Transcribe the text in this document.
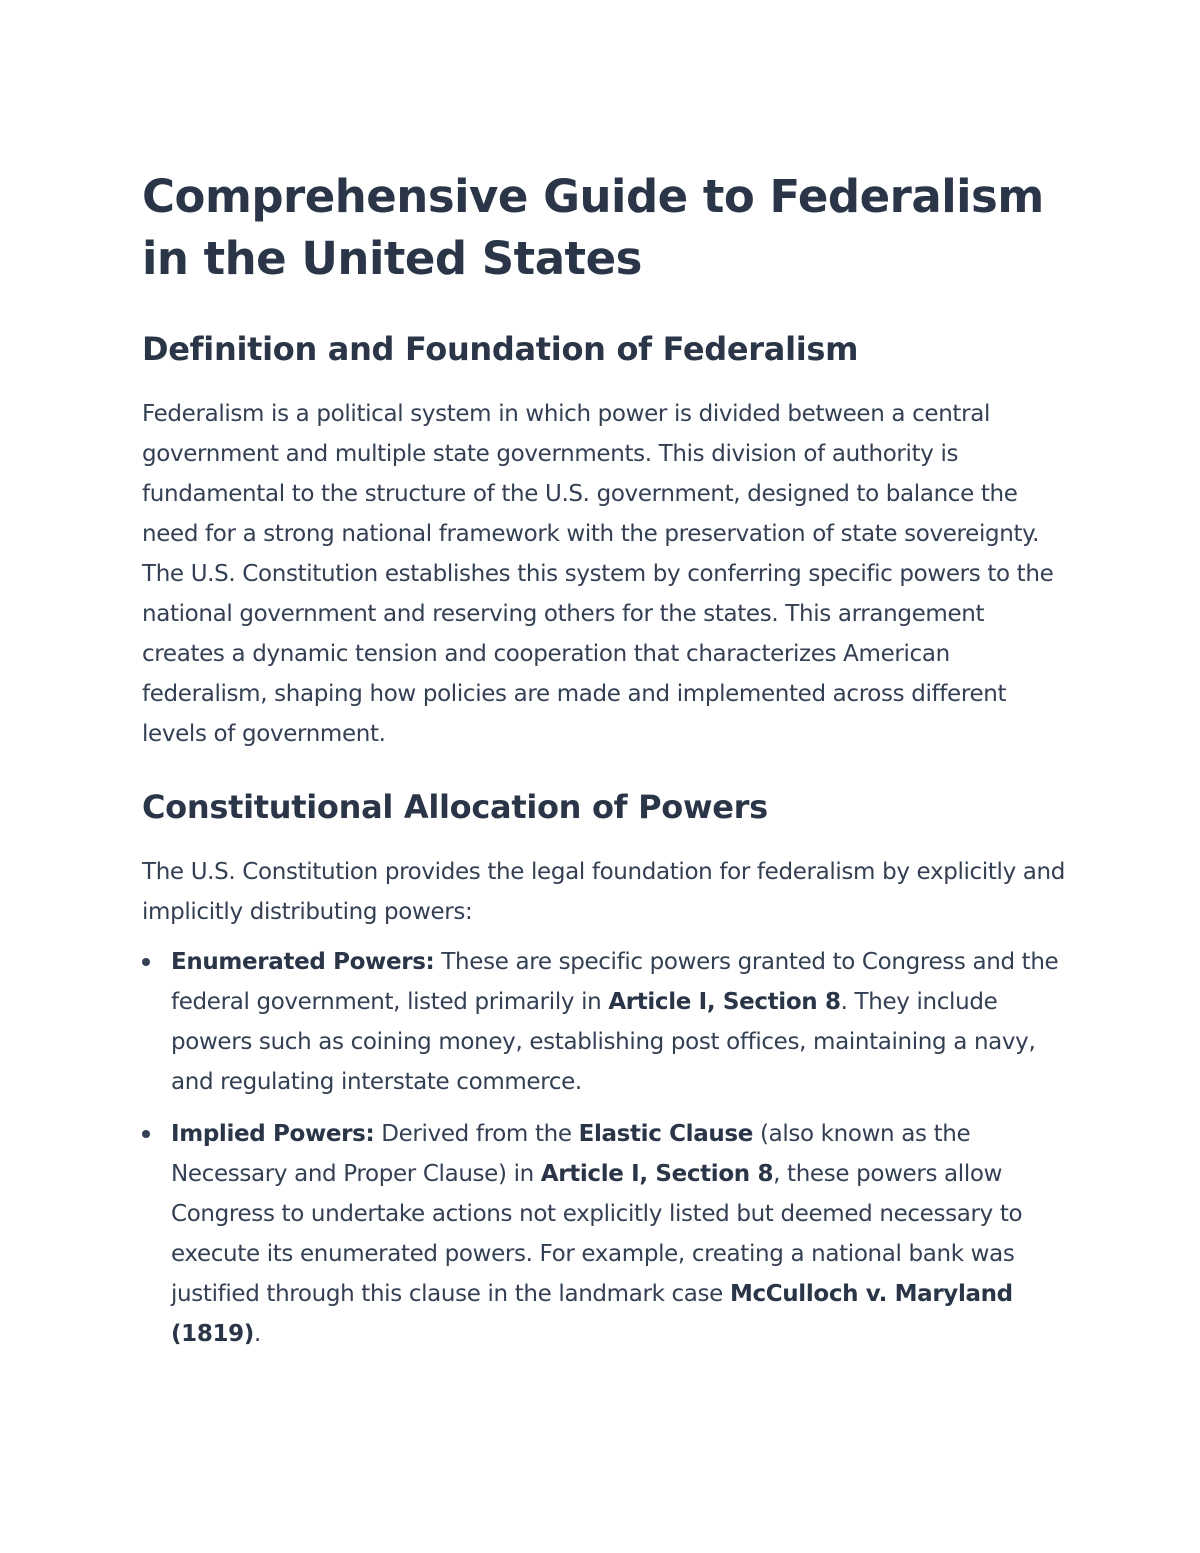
Comprehensive Guide to Federalism in the United States
Definition and Foundation of Federalism

Federalism is a political system in which power is divided between a central government and multiple state governments. This division of authority is fundamental to the structure of the U.S. government, designed to balance the need for a strong national framework with the preservation of state sovereignty. The U.S. Constitution establishes this system by conferring specific powers to the national government and reserving others for the states. This arrangement creates a dynamic tension and cooperation that characterizes American federalism, shaping how policies are made and implemented across different levels of government.

Constitutional Allocation of Powers

The U.S. Constitution provides the legal foundation for federalism by explicitly and implicitly distributing powers:

Enumerated Powers: These are specific powers granted to Congress and the federal government, listed primarily in Article I, Section 8. They include powers such as coining money, establishing post offices, maintaining a navy, and regulating interstate commerce.
Implied Powers: Derived from the Elastic Clause (also known as the Necessary and Proper Clause) in Article I, Section 8, these powers allow Congress to undertake actions not explicitly listed but deemed necessary to execute its enumerated powers. For example, creating a national bank was justified through this clause in the landmark case McCulloch v. Maryland (1819).
